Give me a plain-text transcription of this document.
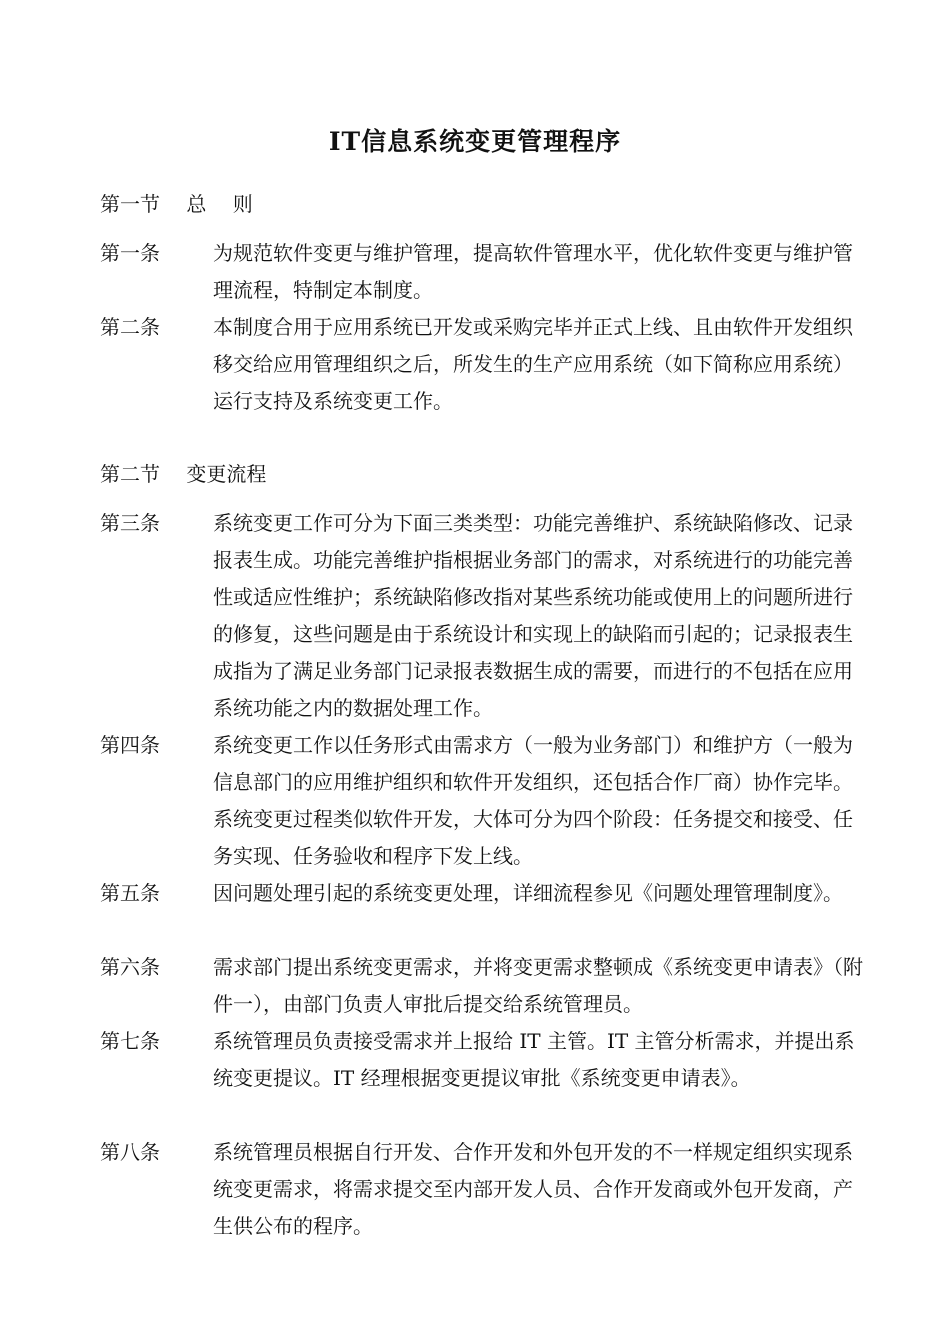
IT信息系统变更管理程序
第一节　 总　 则
第一条	为规范软件变更与维护管理，提高软件管理水平，优化软件变更与维护管理流程，特制定本制度。
第二条	本制度合用于应用系统已开发或采购完毕并正式上线、且由软件开发组织移交给应用管理组织之后，所发生的生产应用系统（如下简称应用系统）运行支持及系统变更工作。
第二节　 变更流程
第三条	系统变更工作可分为下面三类类型：功能完善维护、系统缺陷修改、记录报表生成。功能完善维护指根据业务部门的需求，对系统进行的功能完善性或适应性维护；系统缺陷修改指对某些系统功能或使用上的问题所进行的修复，这些问题是由于系统设计和实现上的缺陷而引起的；记录报表生成指为了满足业务部门记录报表数据生成的需要，而进行的不包括在应用系统功能之内的数据处理工作。
第四条	系统变更工作以任务形式由需求方（一般为业务部门）和维护方（一般为信息部门的应用维护组织和软件开发组织，还包括合作厂商）协作完毕。系统变更过程类似软件开发，大体可分为四个阶段：任务提交和接受、任务实现、任务验收和程序下发上线。
第五条	因问题处理引起的系统变更处理，详细流程参见《问题处理管理制度》。
第六条	需求部门提出系统变更需求，并将变更需求整顿成《系统变更申请表》（附件一），由部门负责人审批后提交给系统管理员。
第七条	系统管理员负责接受需求并上报给 IT 主管。IT 主管分析需求，并提出系统变更提议。IT 经理根据变更提议审批《系统变更申请表》。
第八条	系统管理员根据自行开发、合作开发和外包开发的不一样规定组织实现系统变更需求，将需求提交至内部开发人员、合作开发商或外包开发商，产生供公布的程序。
